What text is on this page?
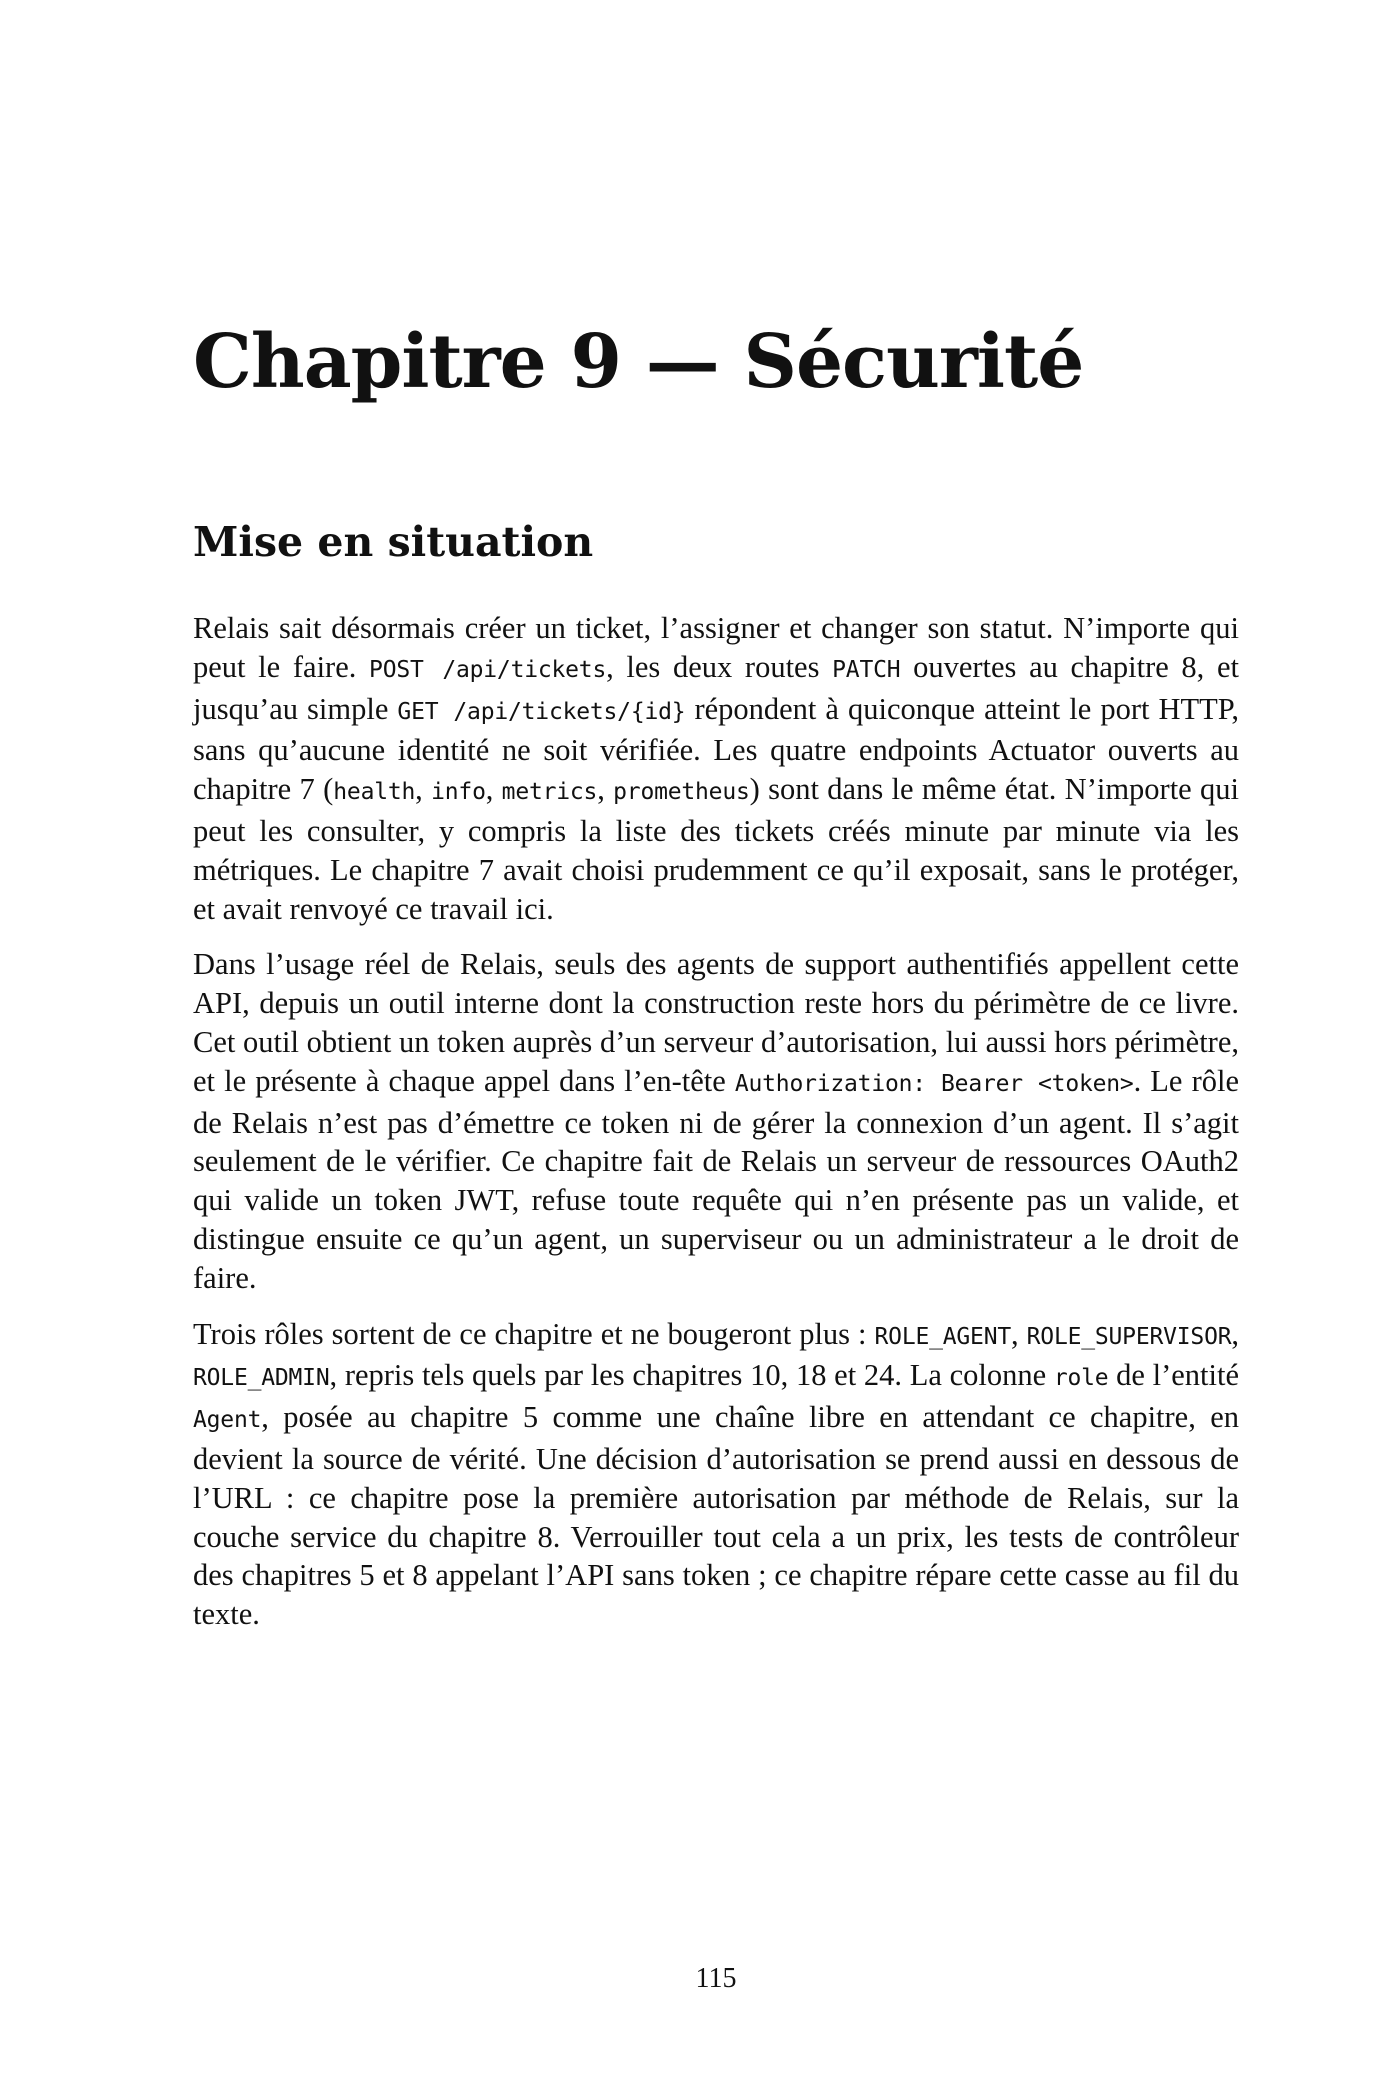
Chapitre 9 — Sécurité
Mise en situation

Relais sait désormais créer un ticket, l’assigner et changer son statut. N’importe qui peut le faire. POST /api/tickets, les deux routes PATCH ouvertes au chapitre 8, et jusqu’au simple GET /api/tickets/{id} répondent à quiconque atteint le port HTTP, sans qu’aucune identité ne soit vérifiée. Les quatre endpoints Actuator ouverts au chapitre 7 (health, info, metrics, prometheus) sont dans le même état. N’importe qui peut les consulter, y compris la liste des tickets créés minute par minute via les métriques. Le chapitre 7 avait choisi prudemment ce qu’il exposait, sans le protéger, et avait renvoyé ce travail ici.

Dans l’usage réel de Relais, seuls des agents de support authentifiés appellent cette API, depuis un outil interne dont la construction reste hors du périmètre de ce livre. Cet outil obtient un token auprès d’un serveur d’autorisation, lui aussi hors périmètre, et le présente à chaque appel dans l’en-tête Authorization: Bearer <token>. Le rôle de Relais n’est pas d’émettre ce token ni de gérer la connexion d’un agent. Il s’agit seulement de le vérifier. Ce chapitre fait de Relais un serveur de ressources OAuth2 qui valide un token JWT, refuse toute requête qui n’en présente pas un valide, et distingue ensuite ce qu’un agent, un superviseur ou un administrateur a le droit de faire.

Trois rôles sortent de ce chapitre et ne bougeront plus : ROLE_AGENT, ROLE_SUPERVISOR, ROLE_ADMIN, repris tels quels par les chapitres 10, 18 et 24. La colonne role de l’entité Agent, posée au chapitre 5 comme une chaîne libre en attendant ce chapitre, en devient la source de vérité. Une décision d’autorisation se prend aussi en dessous de l’URL : ce chapitre pose la première autorisation par méthode de Relais, sur la couche service du chapitre 8. Verrouiller tout cela a un prix, les tests de contrôleur des chapitres 5 et 8 appelant l’API sans token ; ce chapitre répare cette casse au fil du texte.

115
